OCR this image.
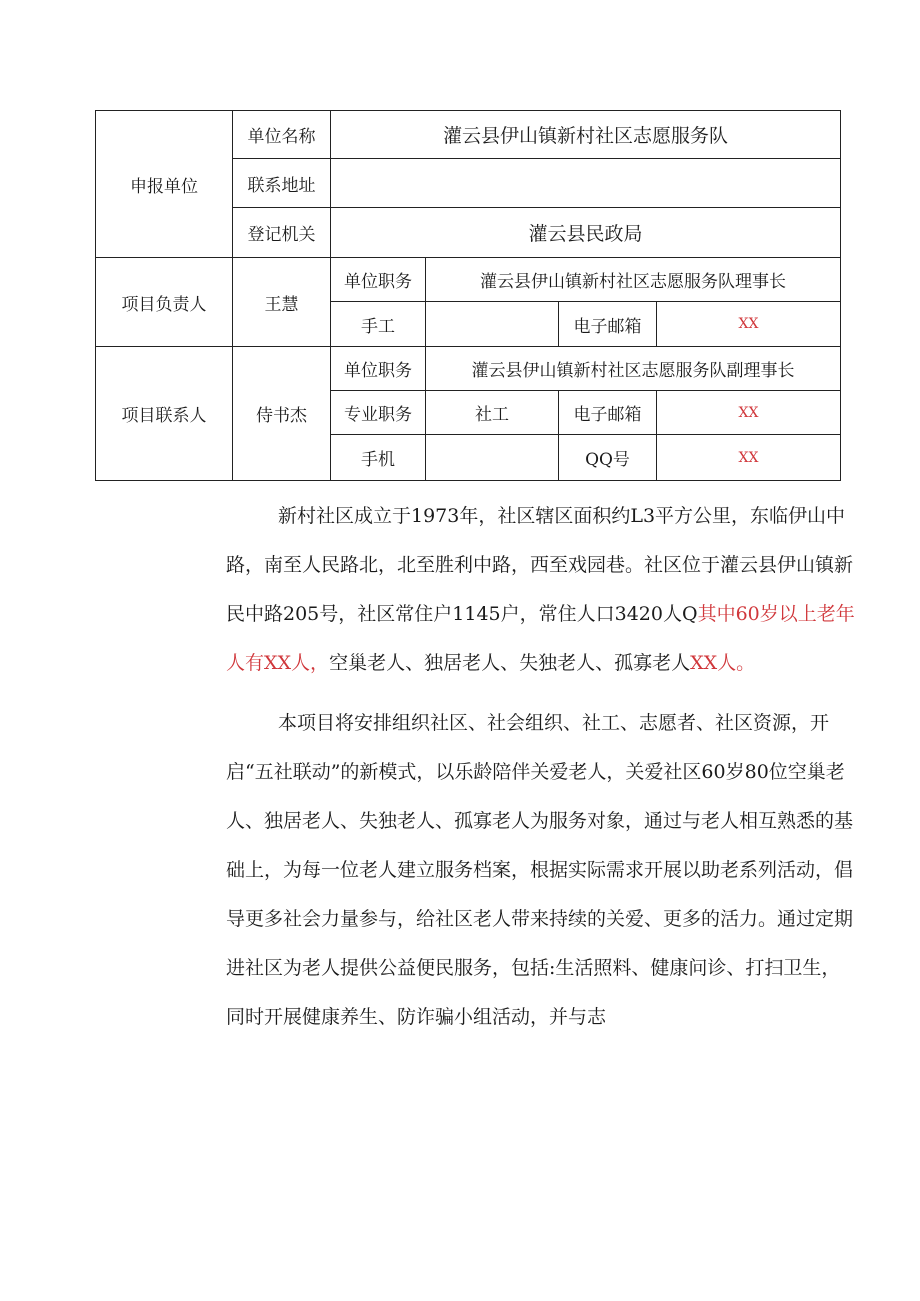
申报单位	单位名称	灌云县伊山镇新村社区志愿服务队			
	联系地址				
	登记机关	灌云县民政局			
项目负责人	王慧	单位职务	灌云县伊山镇新村社区志愿服务队理事长		
		手工		电子邮箱	XX
项目联系人	侍书杰	单位职务	灌云县伊山镇新村社区志愿服务队副理事长		
		专业职务	社工	电子邮箱	XX
		手机		QQ号	XX

新村社区成立于1973年，社区辖区面积约L3平方公里，东临伊山中路，南至人民路北，北至胜利中路，西至戏园巷。社区位于灌云县伊山镇新民中路205号，社区常住户1145户，常住人口3420人Q其中60岁以上老年人有XX人，空巢老人、独居老人、失独老人、孤寡老人XX人。

本项目将安排组织社区、社会组织、社工、志愿者、社区资源，开启“五社联动”的新模式，以乐龄陪伴关爱老人，关爱社区60岁80位空巢老人、独居老人、失独老人、孤寡老人为服务对象，通过与老人相互熟悉的基础上，为每一位老人建立服务档案，根据实际需求开展以助老系列活动，倡导更多社会力量参与，给社区老人带来持续的关爱、更多的活力。通过定期进社区为老人提供公益便民服务，包括:生活照料、健康问诊、打扫卫生，同时开展健康养生、防诈骗小组活动，并与志
